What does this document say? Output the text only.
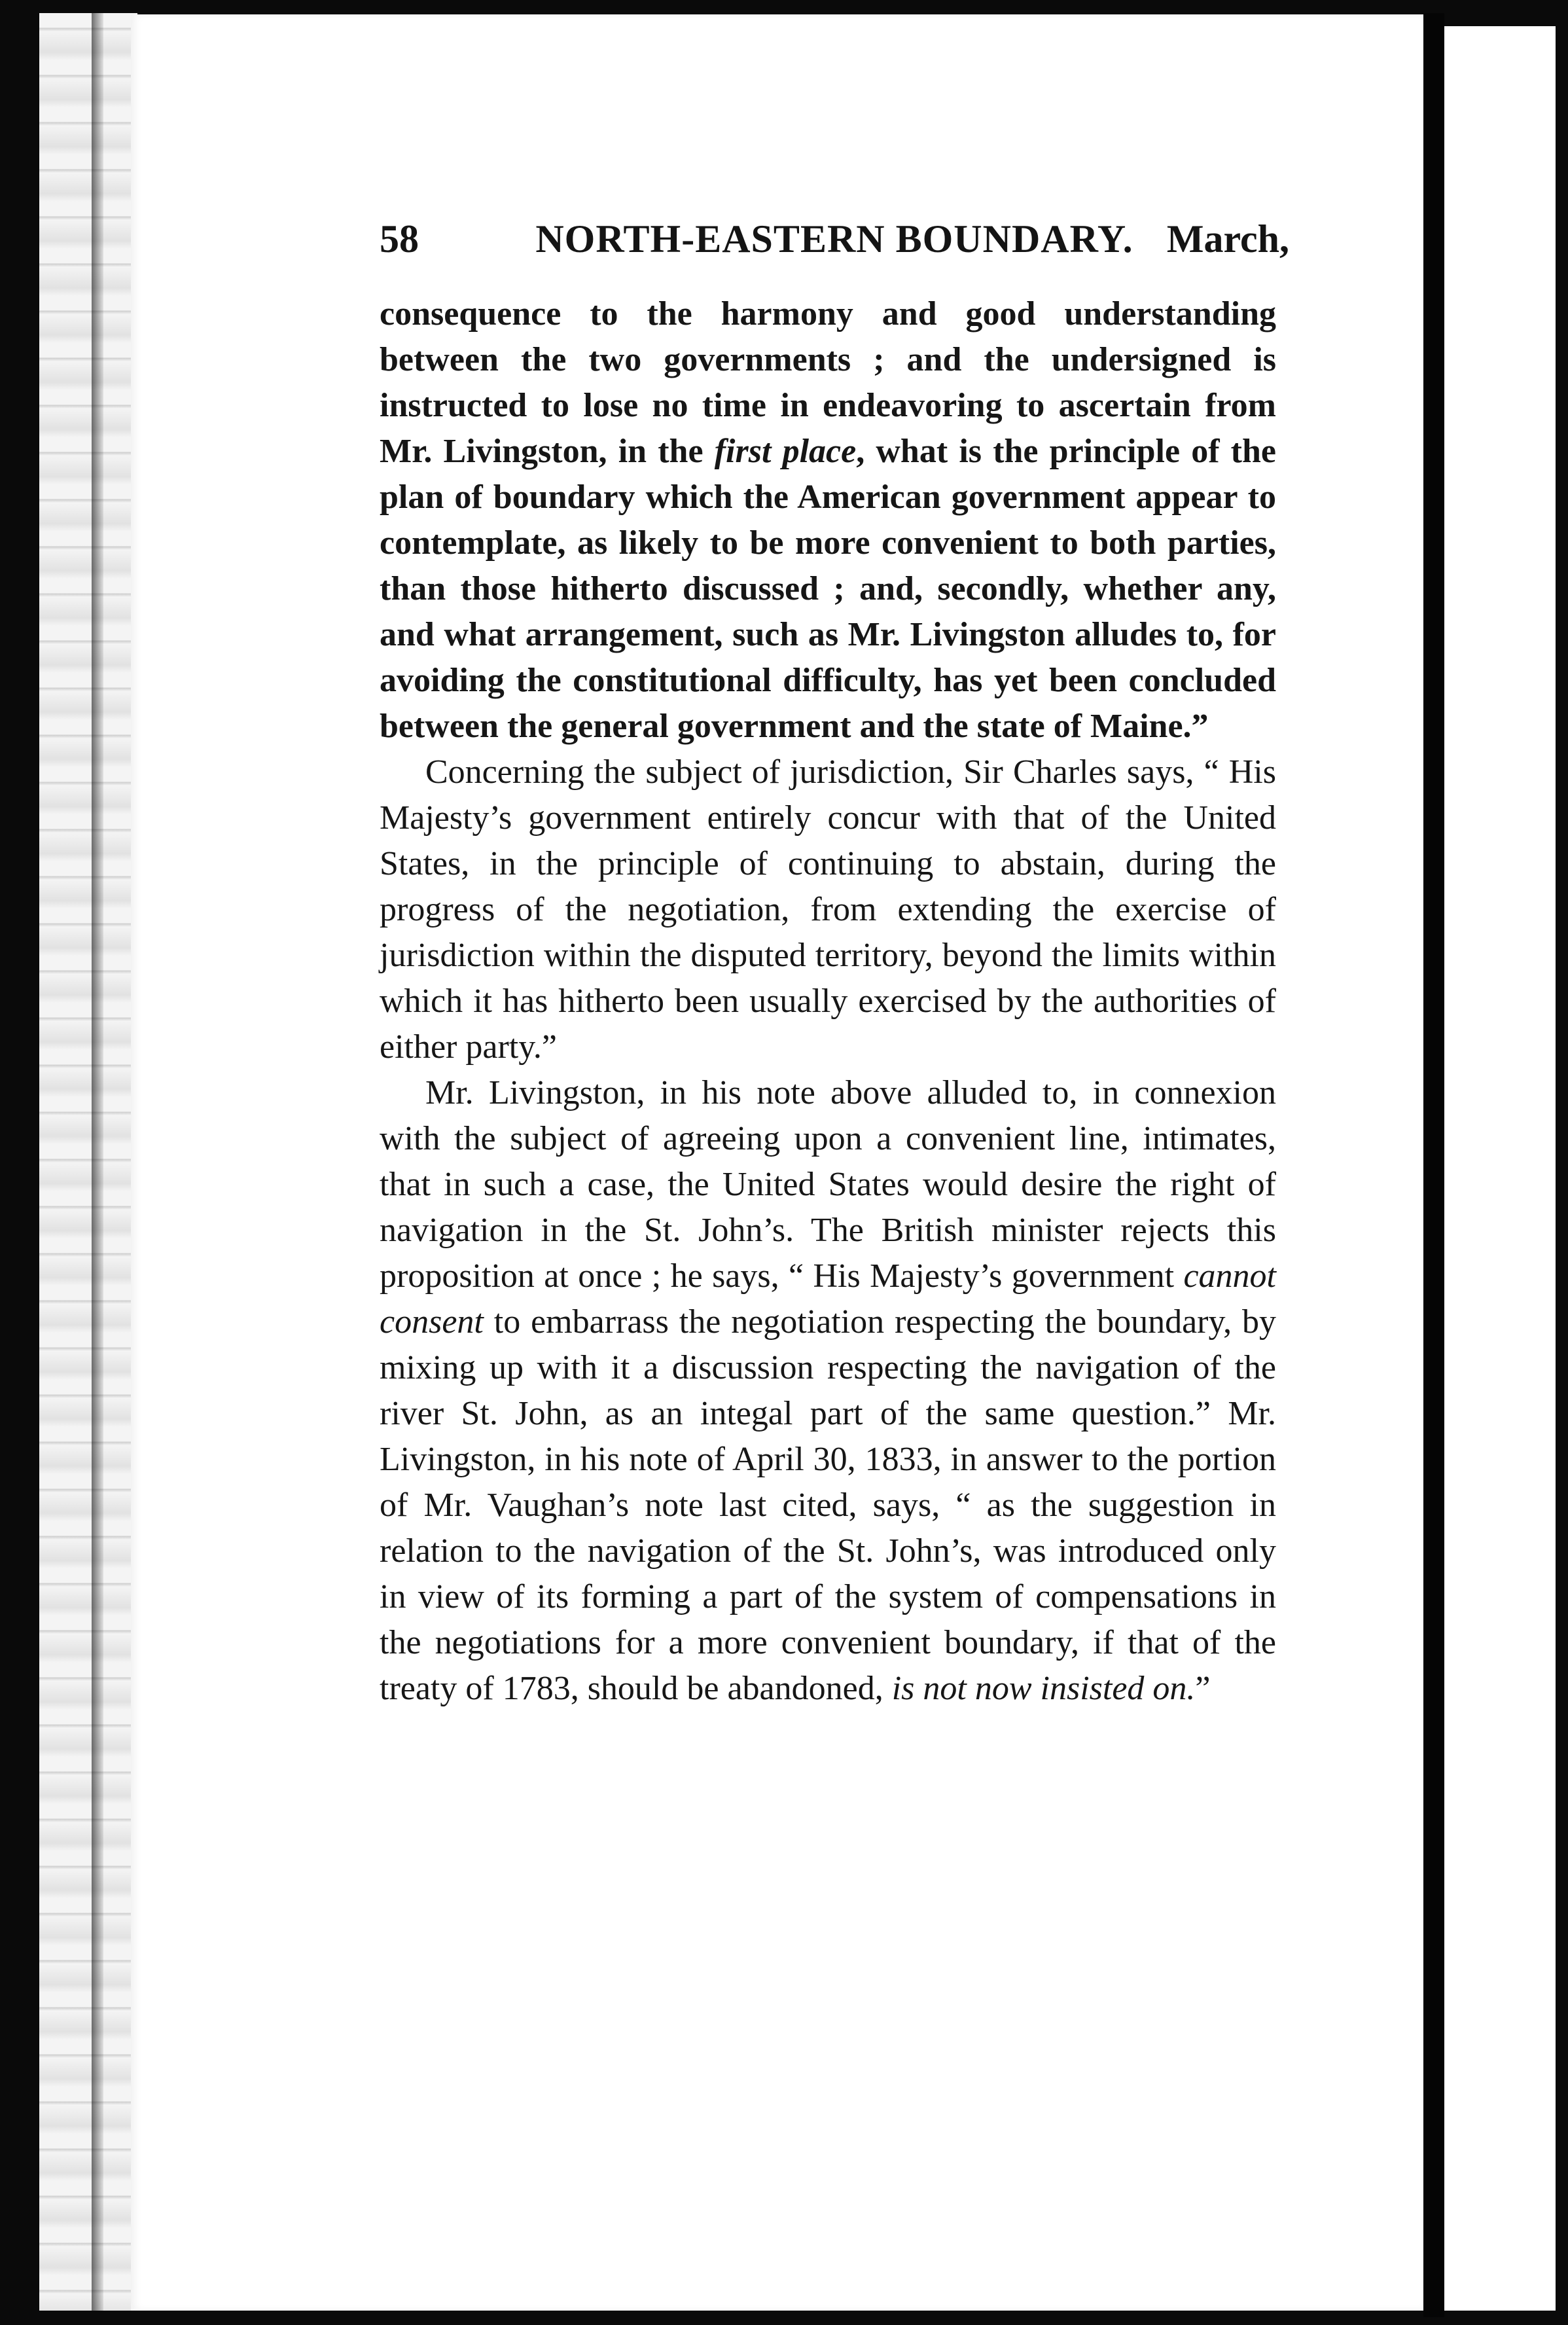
58	NORTH-EASTERN BOUNDARY. March,

consequence to the harmony and good understanding between the two governments ; and the undersigned is instructed to lose no time in endeavoring to ascertain from Mr. Livingston, in the first place, what is the principle of the plan of boundary which the American government appear to contemplate, as likely to be more convenient to both parties, than those hitherto discussed ; and, secondly, whether any, and what arrangement, such as Mr. Livingston alludes to, for avoiding the constitutional difficulty, has yet been concluded between the general government and the state of Maine.”

Concerning the subject of jurisdiction, Sir Charles says, “ His Majesty’s government entirely concur with that of the United States, in the principle of continuing to abstain, during the progress of the negotiation, from extending the exercise of jurisdiction within the disputed territory, beyond the limits within which it has hitherto been usually exercised by the authorities of either party.”

Mr. Livingston, in his note above alluded to, in connexion with the subject of agreeing upon a convenient line, intimates, that in such a case, the United States would desire the right of navigation in the St. John’s. The British minister rejects this proposition at once ; he says, “ His Majesty’s government cannot consent to embarrass the negotiation respecting the boundary, by mixing up with it a discussion respecting the navigation of the river St. John, as an integal part of the same question.” Mr. Livingston, in his note of April 30, 1833, in answer to the portion of Mr. Vaughan’s note last cited, says, “ as the suggestion in relation to the navigation of the St. John’s, was introduced only in view of its forming a part of the system of compensations in the negotiations for a more convenient boundary, if that of the treaty of 1783, should be abandoned, is not now insisted on.”
